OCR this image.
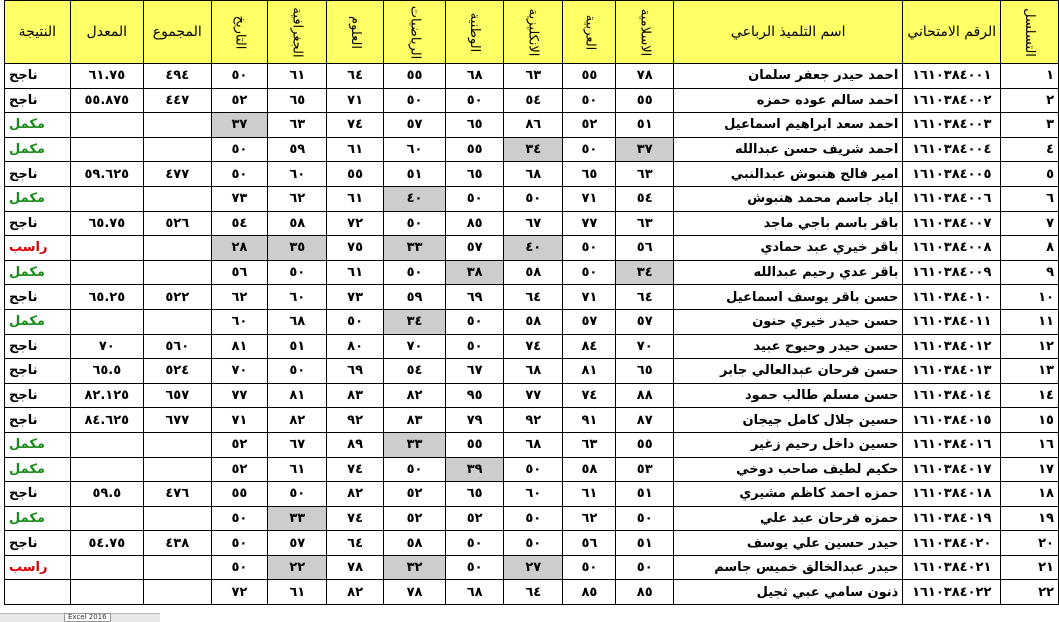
التسلسل	الرقم الامتحاني	اسم التلميذ الرباعي	الاسلامية	العربية	الانكليزية	الوطنية	الرياضيات	العلوم	الجغرافية	التاريخ	المجموع	المعدل	النتيجة
١	١٦١٠٣٨٤٠٠١	احمد حيدر جعفر سلمان	٧٨	٥٥	٦٣	٦٨	٥٥	٦٤	٦١	٥٠	٤٩٤	٦١.٧٥	ناجح
٢	١٦١٠٣٨٤٠٠٢	احمد سالم عوده حمزه	٥٥	٥٠	٥٤	٥٠	٥٠	٧١	٦٥	٥٢	٤٤٧	٥٥.٨٧٥	ناجح
٣	١٦١٠٣٨٤٠٠٣	احمد سعد ابراهيم اسماعيل	٥١	٥٢	٨٦	٦٥	٥٧	٧٤	٦٣	٣٧			مكمل
٤	١٦١٠٣٨٤٠٠٤	احمد شريف حسن عبدالله	٣٧	٥٠	٣٤	٥٥	٦٠	٦١	٥٩	٥٠			مكمل
٥	١٦١٠٣٨٤٠٠٥	امير فالح هنبوش عبدالنبي	٦٣	٦٥	٦٨	٦٥	٥١	٥٥	٦٠	٥٠	٤٧٧	٥٩.٦٢٥	ناجح
٦	١٦١٠٣٨٤٠٠٦	اياد جاسم محمد هنبوش	٥٤	٧١	٥٠	٥٠	٤٠	٦١	٦٢	٧٣			مكمل
٧	١٦١٠٣٨٤٠٠٧	باقر باسم باجي ماجد	٦٣	٧٧	٦٧	٨٥	٥٠	٧٢	٥٨	٥٤	٥٢٦	٦٥.٧٥	ناجح
٨	١٦١٠٣٨٤٠٠٨	باقر خيري عبد حمادي	٥٦	٥٠	٤٠	٥٧	٣٣	٧٥	٣٥	٢٨			راسب
٩	١٦١٠٣٨٤٠٠٩	باقر عدي رحيم عبدالله	٣٤	٥٠	٥٨	٣٨	٥٠	٦١	٥٠	٥٦			مكمل
١٠	١٦١٠٣٨٤٠١٠	حسن باقر يوسف اسماعيل	٦٤	٧١	٦٤	٦٩	٥٩	٧٣	٦٠	٦٢	٥٢٢	٦٥.٢٥	ناجح
١١	١٦١٠٣٨٤٠١١	حسن حيدر خيري حنون	٥٧	٥٧	٥٨	٥٠	٣٤	٥٠	٦٨	٦٠			مكمل
١٢	١٦١٠٣٨٤٠١٢	حسن حيدر وحيوح عبيد	٧٠	٨٤	٧٤	٥٠	٧٠	٨٠	٥١	٨١	٥٦٠	٧٠	ناجح
١٣	١٦١٠٣٨٤٠١٣	حسن فرحان عبدالعالي جابر	٦٥	٨١	٦٨	٦٧	٥٤	٦٩	٥٠	٧٠	٥٢٤	٦٥.٥	ناجح
١٤	١٦١٠٣٨٤٠١٤	حسن مسلم طالب حمود	٨٨	٧٤	٧٧	٩٥	٨٢	٨٣	٨١	٧٧	٦٥٧	٨٢.١٢٥	ناجح
١٥	١٦١٠٣٨٤٠١٥	حسين جلال كامل جيجان	٨٧	٩١	٩٢	٧٩	٨٣	٩٢	٨٢	٧١	٦٧٧	٨٤.٦٢٥	ناجح
١٦	١٦١٠٣٨٤٠١٦	حسين داخل رحيم زغير	٥٥	٦٣	٦٨	٥٥	٣٣	٨٩	٦٧	٥٢			مكمل
١٧	١٦١٠٣٨٤٠١٧	حكيم لطيف صاحب دوخي	٥٣	٥٨	٥٠	٣٩	٥٠	٧٤	٦١	٥٢			مكمل
١٨	١٦١٠٣٨٤٠١٨	حمزه احمد كاظم مشيري	٥١	٦١	٦٠	٦٥	٥٢	٨٢	٥٠	٥٥	٤٧٦	٥٩.٥	ناجح
١٩	١٦١٠٣٨٤٠١٩	حمزه فرحان عبد علي	٥٠	٦٢	٥٠	٥٢	٥٢	٧٤	٣٣	٥٠			مكمل
٢٠	١٦١٠٣٨٤٠٢٠	حيدر حسين علي يوسف	٥١	٥٦	٥٠	٥٠	٥٨	٦٤	٥٧	٥٠	٤٣٨	٥٤.٧٥	ناجح
٢١	١٦١٠٣٨٤٠٢١	حيدر عبدالخالق خميس جاسم	٥٠	٥٠	٢٧	٥٠	٣٢	٧٨	٢٢	٥٠			راسب
٢٢	١٦١٠٣٨٤٠٢٢	ذنون سامي عبي ثجيل	٨٥	٨٥	٦٤	٦٨	٧٨	٨٢	٦١	٧٢			
Excel 2016
